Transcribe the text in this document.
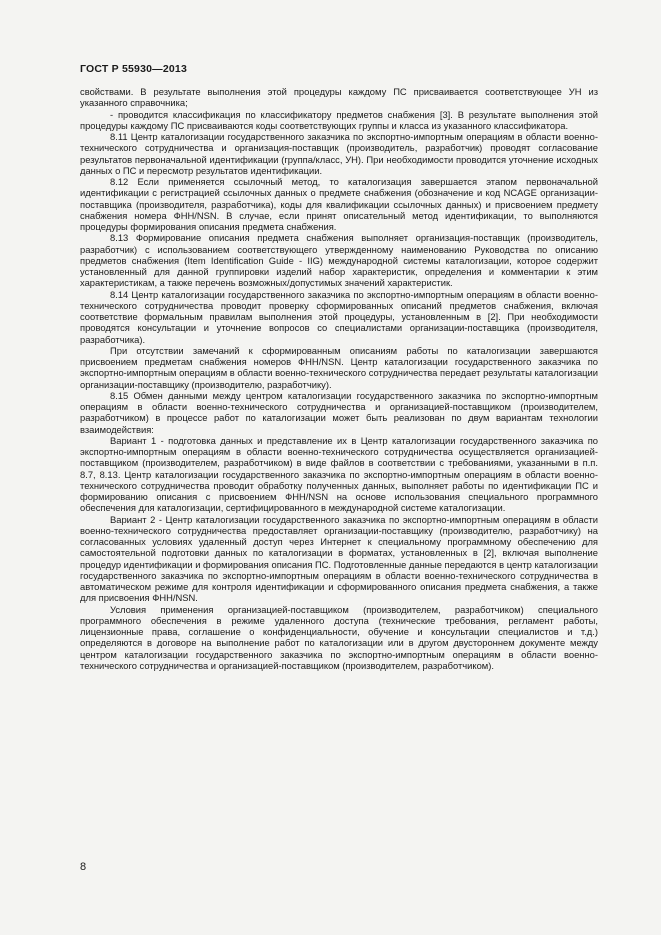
ГОСТ Р 55930—2013

свойствами. В результате выполнения этой процедуры каждому ПС присваивается соответствующее УН из указанного справочника;

- проводится классификация по классификатору предметов снабжения [3]. В результате выполнения этой процедуры каждому ПС присваиваются коды соответствующих группы и класса из указанного классификатора.

8.11 Центр каталогизации государственного заказчика по экспортно-импортным операциям в области военно-технического сотрудничества и организация-поставщик (производитель, разработчик) проводят согласование результатов первоначальной идентификации (группа/класс, УН). При необходимости проводится уточнение исходных данных о ПС и пересмотр результатов идентификации.

8.12 Если применяется ссылочный метод, то каталогизация завершается этапом первоначальной идентификации с регистрацией ссылочных данных о предмете снабжения (обозначение и код NCAGE организации-поставщика (производителя, разработчика), коды для квалификации ссылочных данных) и присвоением предмету снабжения номера ФНН/NSN. В случае, если принят описательный метод идентификации, то выполняются процедуры формирования описания предмета снабжения.

8.13 Формирование описания предмета снабжения выполняет организация-поставщик (производитель, разработчик) с использованием соответствующего утвержденному наименованию Руководства по описанию предметов снабжения (Item Identification Guide - IIG) международной системы каталогизации, которое содержит установленный для данной группировки изделий набор характеристик, определения и комментарии к этим характеристикам, а также перечень возможных/допустимых значений характеристик.

8.14 Центр каталогизации государственного заказчика по экспортно-импортным операциям в области военно-технического сотрудничества проводит проверку сформированных описаний предметов снабжения, включая соответствие формальным правилам выполнения этой процедуры, установленным в [2]. При необходимости проводятся консультации и уточнение вопросов со специалистами организации-поставщика (производителя, разработчика).

При отсутствии замечаний к сформированным описаниям работы по каталогизации завершаются присвоением предметам снабжения номеров ФНН/NSN. Центр каталогизации государственного заказчика по экспортно-импортным операциям в области военно-технического сотрудничества передает результаты каталогизации организации-поставщику (производителю, разработчику).

8.15 Обмен данными между центром каталогизации государственного заказчика по экспортно-импортным операциям в области военно-технического сотрудничества и организацией-поставщиком (производителем, разработчиком) в процессе работ по каталогизации может быть реализован по двум вариантам технологии взаимодействия:

Вариант 1 - подготовка данных и представление их в Центр каталогизации государственного заказчика по экспортно-импортным операциям в области военно-технического сотрудничества осуществляется организацией-поставщиком (производителем, разработчиком) в виде файлов в соответствии с требованиями, указанными в п.п. 8.7, 8.13. Центр каталогизации государственного заказчика по экспортно-импортным операциям в области военно-технического сотрудничества проводит обработку полученных данных, выполняет работы по идентификации ПС и формированию описания с присвоением ФНН/NSN на основе использования специального программного обеспечения для каталогизации, сертифицированного в международной системе каталогизации.

Вариант 2 - Центр каталогизации государственного заказчика по экспортно-импортным операциям в области военно-технического сотрудничества предоставляет организации-поставщику (производителю, разработчику) на согласованных условиях удаленный доступ через Интернет к специальному программному обеспечению для самостоятельной подготовки данных по каталогизации в форматах, установленных в [2], включая выполнение процедур идентификации и формирования описания ПС. Подготовленные данные передаются в центр каталогизации государственного заказчика по экспортно-импортным операциям в области военно-технического сотрудничества в автоматическом режиме для контроля идентификации и сформированного описания предмета снабжения, а также для присвоения ФНН/NSN.

Условия применения организацией-поставщиком (производителем, разработчиком) специального программного обеспечения в режиме удаленного доступа (технические требования, регламент работы, лицензионные права, соглашение о конфиденциальности, обучение и консультации специалистов и т.д.) определяются в договоре на выполнение работ по каталогизации или в другом двустороннем документе между центром каталогизации государственного заказчика по экспортно-импортным операциям в области военно-технического сотрудничества и организацией-поставщиком (производителем, разработчиком).

8
